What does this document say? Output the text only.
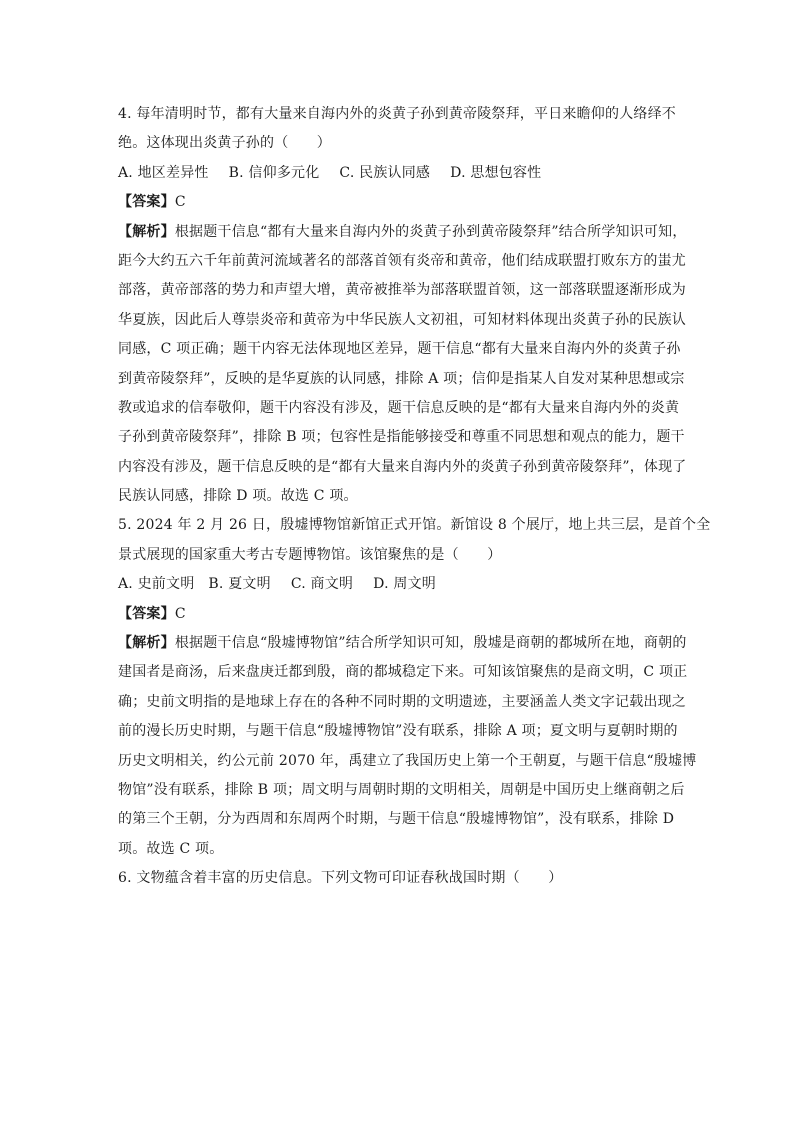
4. 每年清明时节，都有大量来自海内外的炎黄子孙到黄帝陵祭拜，平日来瞻仰的人络绎不
绝。这体现出炎黄子孙的（　　）
A. 地区差异性 B. 信仰多元化 C. 民族认同感 D. 思想包容性
【答案】C
【解析】根据题干信息“都有大量来自海内外的炎黄子孙到黄帝陵祭拜”结合所学知识可知，
距今大约五六千年前黄河流域著名的部落首领有炎帝和黄帝，他们结成联盟打败东方的蚩尤
部落，黄帝部落的势力和声望大增，黄帝被推举为部落联盟首领，这一部落联盟逐渐形成为
华夏族，因此后人尊崇炎帝和黄帝为中华民族人文初祖，可知材料体现出炎黄子孙的民族认
同感，C 项正确；题干内容无法体现地区差异，题干信息“都有大量来自海内外的炎黄子孙
到黄帝陵祭拜”，反映的是华夏族的认同感，排除 A 项；信仰是指某人自发对某种思想或宗
教或追求的信奉敬仰，题干内容没有涉及，题干信息反映的是“都有大量来自海内外的炎黄
子孙到黄帝陵祭拜”，排除 B 项；包容性是指能够接受和尊重不同思想和观点的能力，题干
内容没有涉及，题干信息反映的是“都有大量来自海内外的炎黄子孙到黄帝陵祭拜”，体现了
民族认同感，排除 D 项。故选 C 项。
5. 2024 年 2 月 26 日，殷墟博物馆新馆正式开馆。新馆设 8 个展厅，地上共三层，是首个全
景式展现的国家重大考古专题博物馆。该馆聚焦的是（　　）
A. 史前文明 B. 夏文明 C. 商文明 D. 周文明
【答案】C
【解析】根据题干信息“殷墟博物馆”结合所学知识可知，殷墟是商朝的都城所在地，商朝的
建国者是商汤，后来盘庚迁都到殷，商的都城稳定下来。可知该馆聚焦的是商文明，C 项正
确；史前文明指的是地球上存在的各种不同时期的文明遗迹，主要涵盖人类文字记载出现之
前的漫长历史时期，与题干信息“殷墟博物馆”没有联系，排除 A 项；夏文明与夏朝时期的
历史文明相关，约公元前 2070 年，禹建立了我国历史上第一个王朝夏，与题干信息“殷墟博
物馆”没有联系，排除 B 项；周文明与周朝时期的文明相关，周朝是中国历史上继商朝之后
的第三个王朝，分为西周和东周两个时期，与题干信息“殷墟博物馆”，没有联系，排除 D
项。故选 C 项。
6. 文物蕴含着丰富的历史信息。下列文物可印证春秋战国时期（　　）
